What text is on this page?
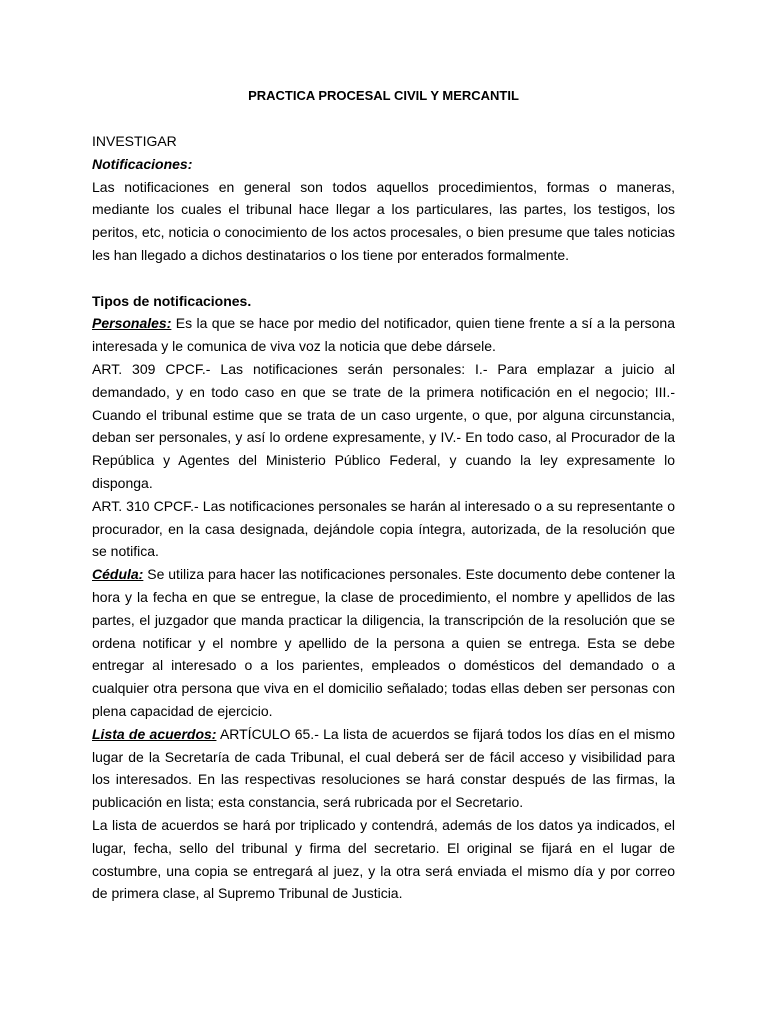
PRACTICA PROCESAL CIVIL Y MERCANTIL

INVESTIGAR

Notificaciones:

Las notificaciones en general son todos aquellos procedimientos, formas o maneras, mediante los cuales el tribunal hace llegar a los particulares, las partes, los testigos, los peritos, etc, noticia o conocimiento de los actos procesales, o bien presume que tales noticias les han llegado a dichos destinatarios o los tiene por enterados formalmente.

Tipos de notificaciones.

Personales: Es la que se hace por medio del notificador, quien tiene frente a sí a la persona interesada y le comunica de viva voz la noticia que debe dársele.

ART. 309 CPCF.- Las notificaciones serán personales: I.- Para emplazar a juicio al demandado, y en todo caso en que se trate de la primera notificación en el negocio; III.- Cuando el tribunal estime que se trata de un caso urgente, o que, por alguna circunstancia, deban ser personales, y así lo ordene expresamente, y IV.- En todo caso, al Procurador de la República y Agentes del Ministerio Público Federal, y cuando la ley expresamente lo disponga.

ART. 310 CPCF.- Las notificaciones personales se harán al interesado o a su representante o procurador, en la casa designada, dejándole copia íntegra, autorizada, de la resolución que se notifica.

Cédula: Se utiliza para hacer las notificaciones personales. Este documento debe contener la hora y la fecha en que se entregue, la clase de procedimiento, el nombre y apellidos de las partes, el juzgador que manda practicar la diligencia, la transcripción de la resolución que se ordena notificar y el nombre y apellido de la persona a quien se entrega. Esta se debe entregar al interesado o a los parientes, empleados o domésticos del demandado o a cualquier otra persona que viva en el domicilio señalado; todas ellas deben ser personas con plena capacidad de ejercicio.

Lista de acuerdos: ARTÍCULO 65.- La lista de acuerdos se fijará todos los días en el mismo lugar de la Secretaría de cada Tribunal, el cual deberá ser de fácil acceso y visibilidad para los interesados. En las respectivas resoluciones se hará constar después de las firmas, la publicación en lista; esta constancia, será rubricada por el Secretario.

La lista de acuerdos se hará por triplicado y contendrá, además de los datos ya indicados, el lugar, fecha, sello del tribunal y firma del secretario. El original se fijará en el lugar de costumbre, una copia se entregará al juez, y la otra será enviada el mismo día y por correo de primera clase, al Supremo Tribunal de Justicia.
